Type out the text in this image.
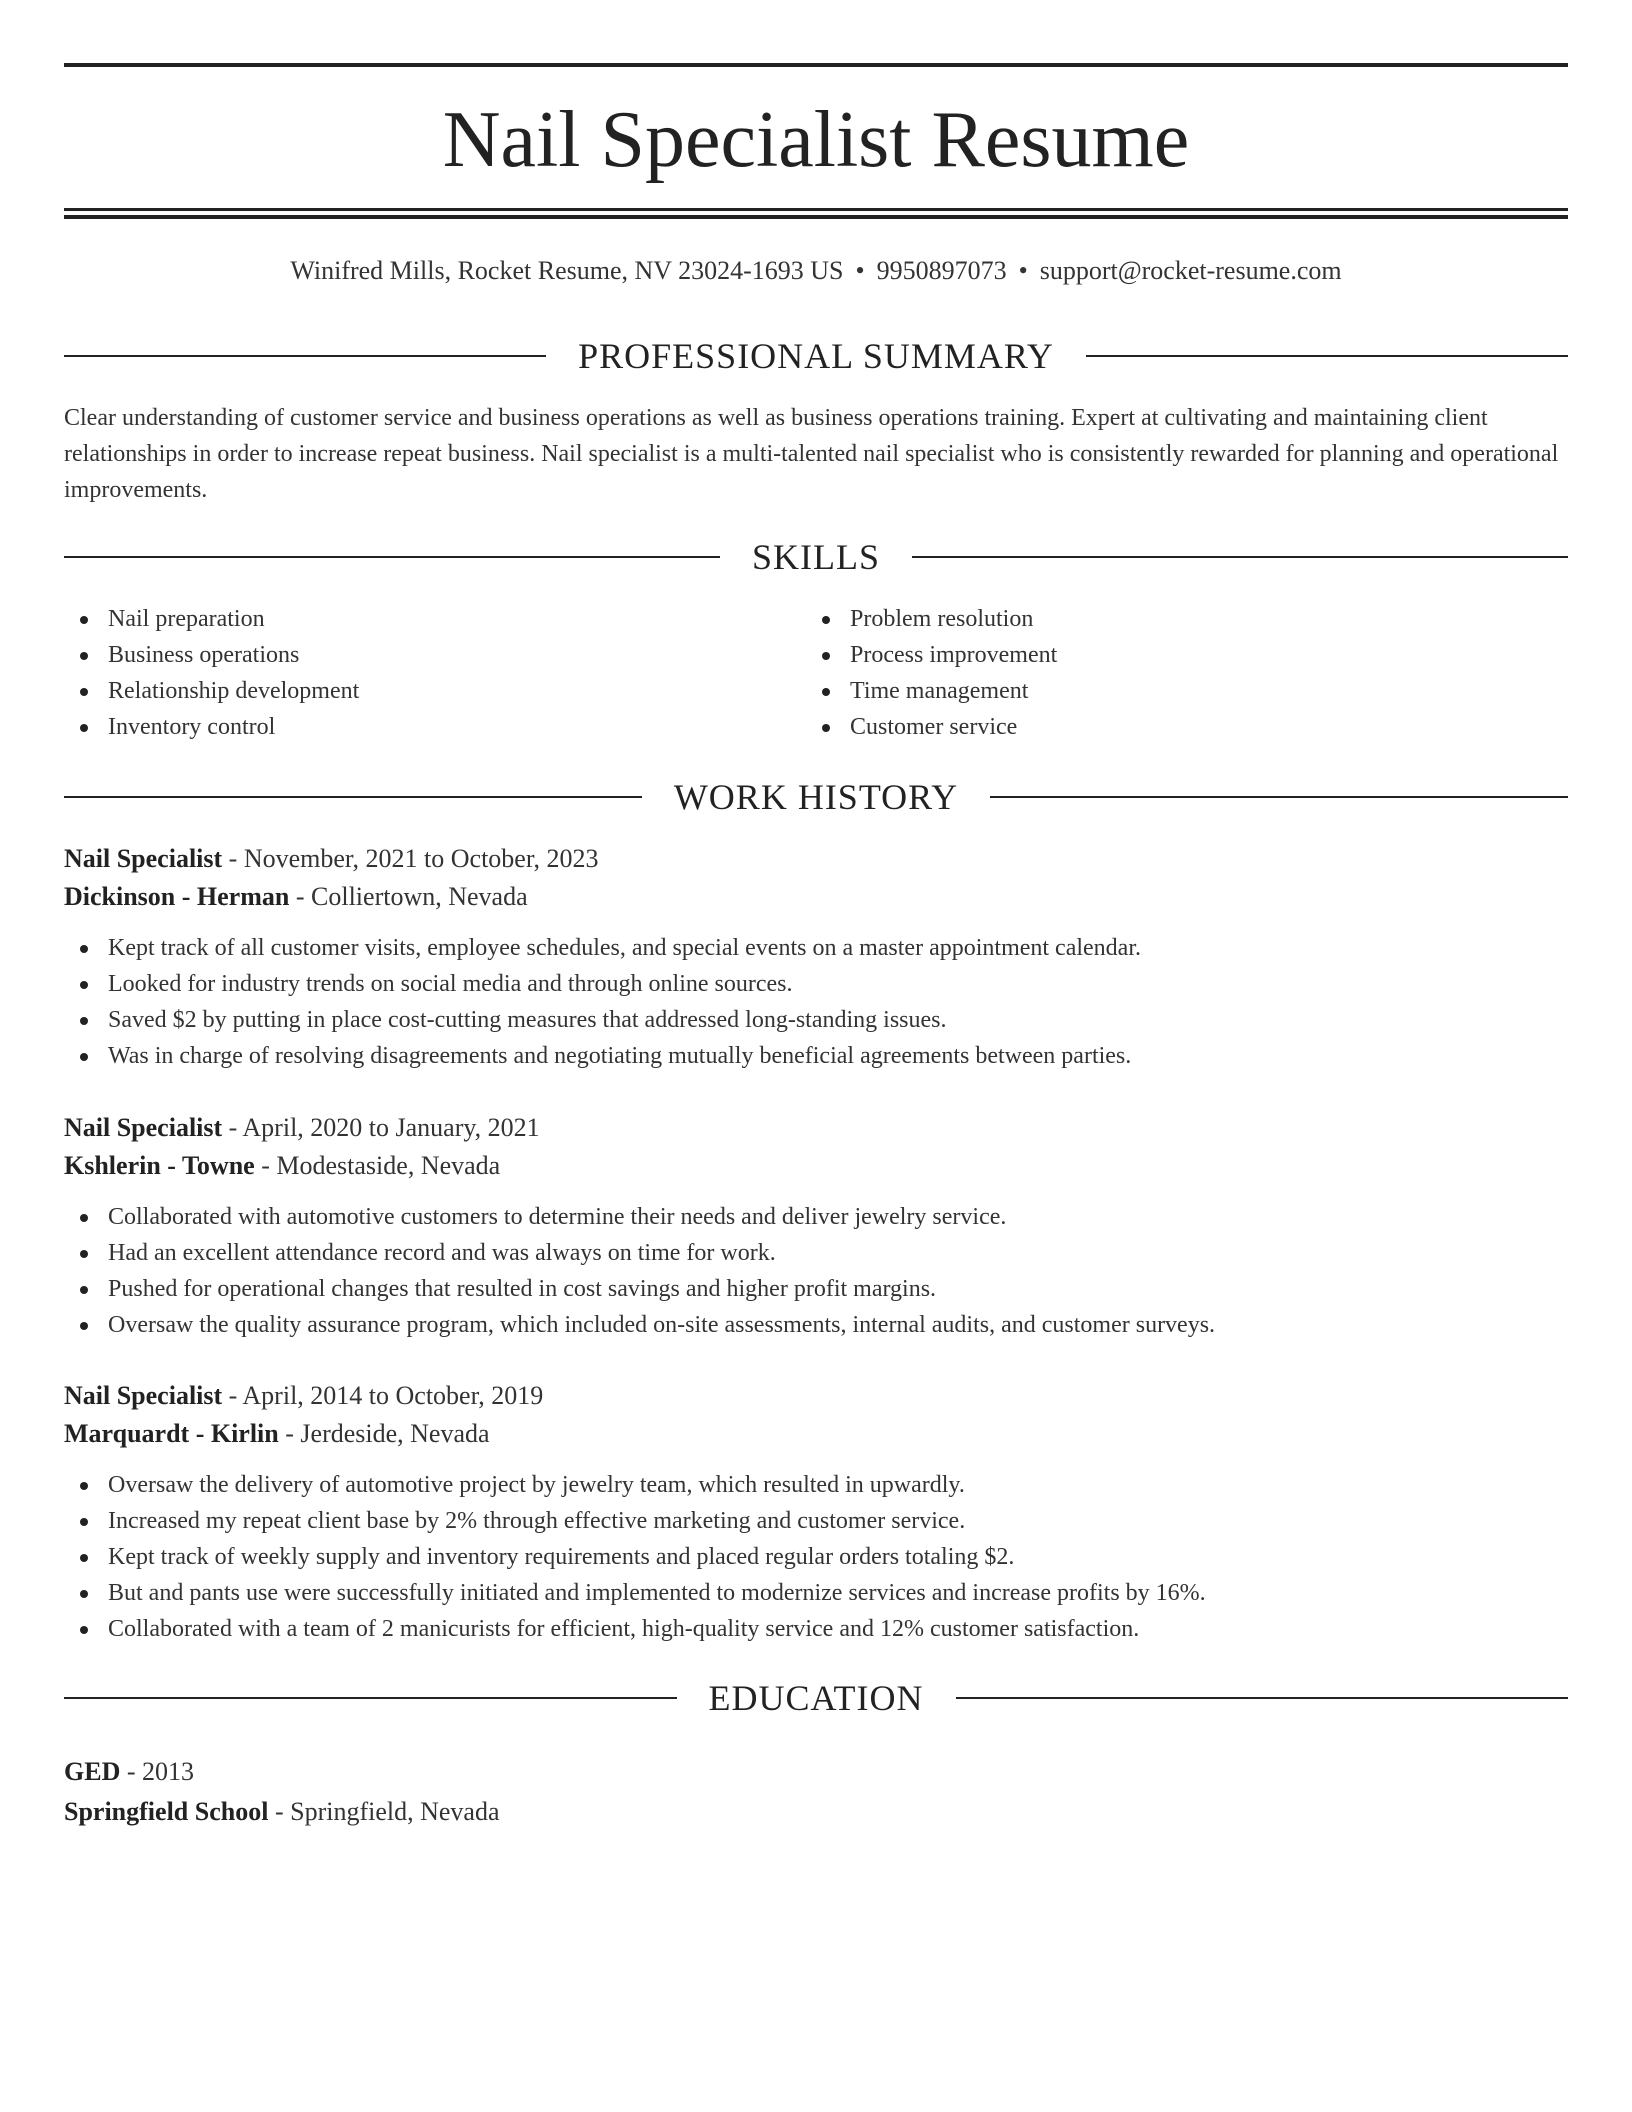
Nail Specialist Resume
Winifred Mills, Rocket Resume, NV 23024-1693 US • 9950897073 • support@rocket-resume.com
PROFESSIONAL SUMMARY

Clear understanding of customer service and business operations as well as business operations training. Expert at cultivating and maintaining client relationships in order to increase repeat business. Nail specialist is a multi-talented nail specialist who is consistently rewarded for planning and operational improvements.

SKILLS
Nail preparation
Business operations
Relationship development
Inventory control
Problem resolution
Process improvement
Time management
Customer service
WORK HISTORY
Nail Specialist - November, 2021 to October, 2023
Dickinson - Herman - Colliertown, Nevada
Kept track of all customer visits, employee schedules, and special events on a master appointment calendar.
Looked for industry trends on social media and through online sources.
Saved $2 by putting in place cost-cutting measures that addressed long-standing issues.
Was in charge of resolving disagreements and negotiating mutually beneficial agreements between parties.
Nail Specialist - April, 2020 to January, 2021
Kshlerin - Towne - Modestaside, Nevada
Collaborated with automotive customers to determine their needs and deliver jewelry service.
Had an excellent attendance record and was always on time for work.
Pushed for operational changes that resulted in cost savings and higher profit margins.
Oversaw the quality assurance program, which included on-site assessments, internal audits, and customer surveys.
Nail Specialist - April, 2014 to October, 2019
Marquardt - Kirlin - Jerdeside, Nevada
Oversaw the delivery of automotive project by jewelry team, which resulted in upwardly.
Increased my repeat client base by 2% through effective marketing and customer service.
Kept track of weekly supply and inventory requirements and placed regular orders totaling $2.
But and pants use were successfully initiated and implemented to modernize services and increase profits by 16%.
Collaborated with a team of 2 manicurists for efficient, high-quality service and 12% customer satisfaction.
EDUCATION
GED - 2013
Springfield School - Springfield, Nevada
